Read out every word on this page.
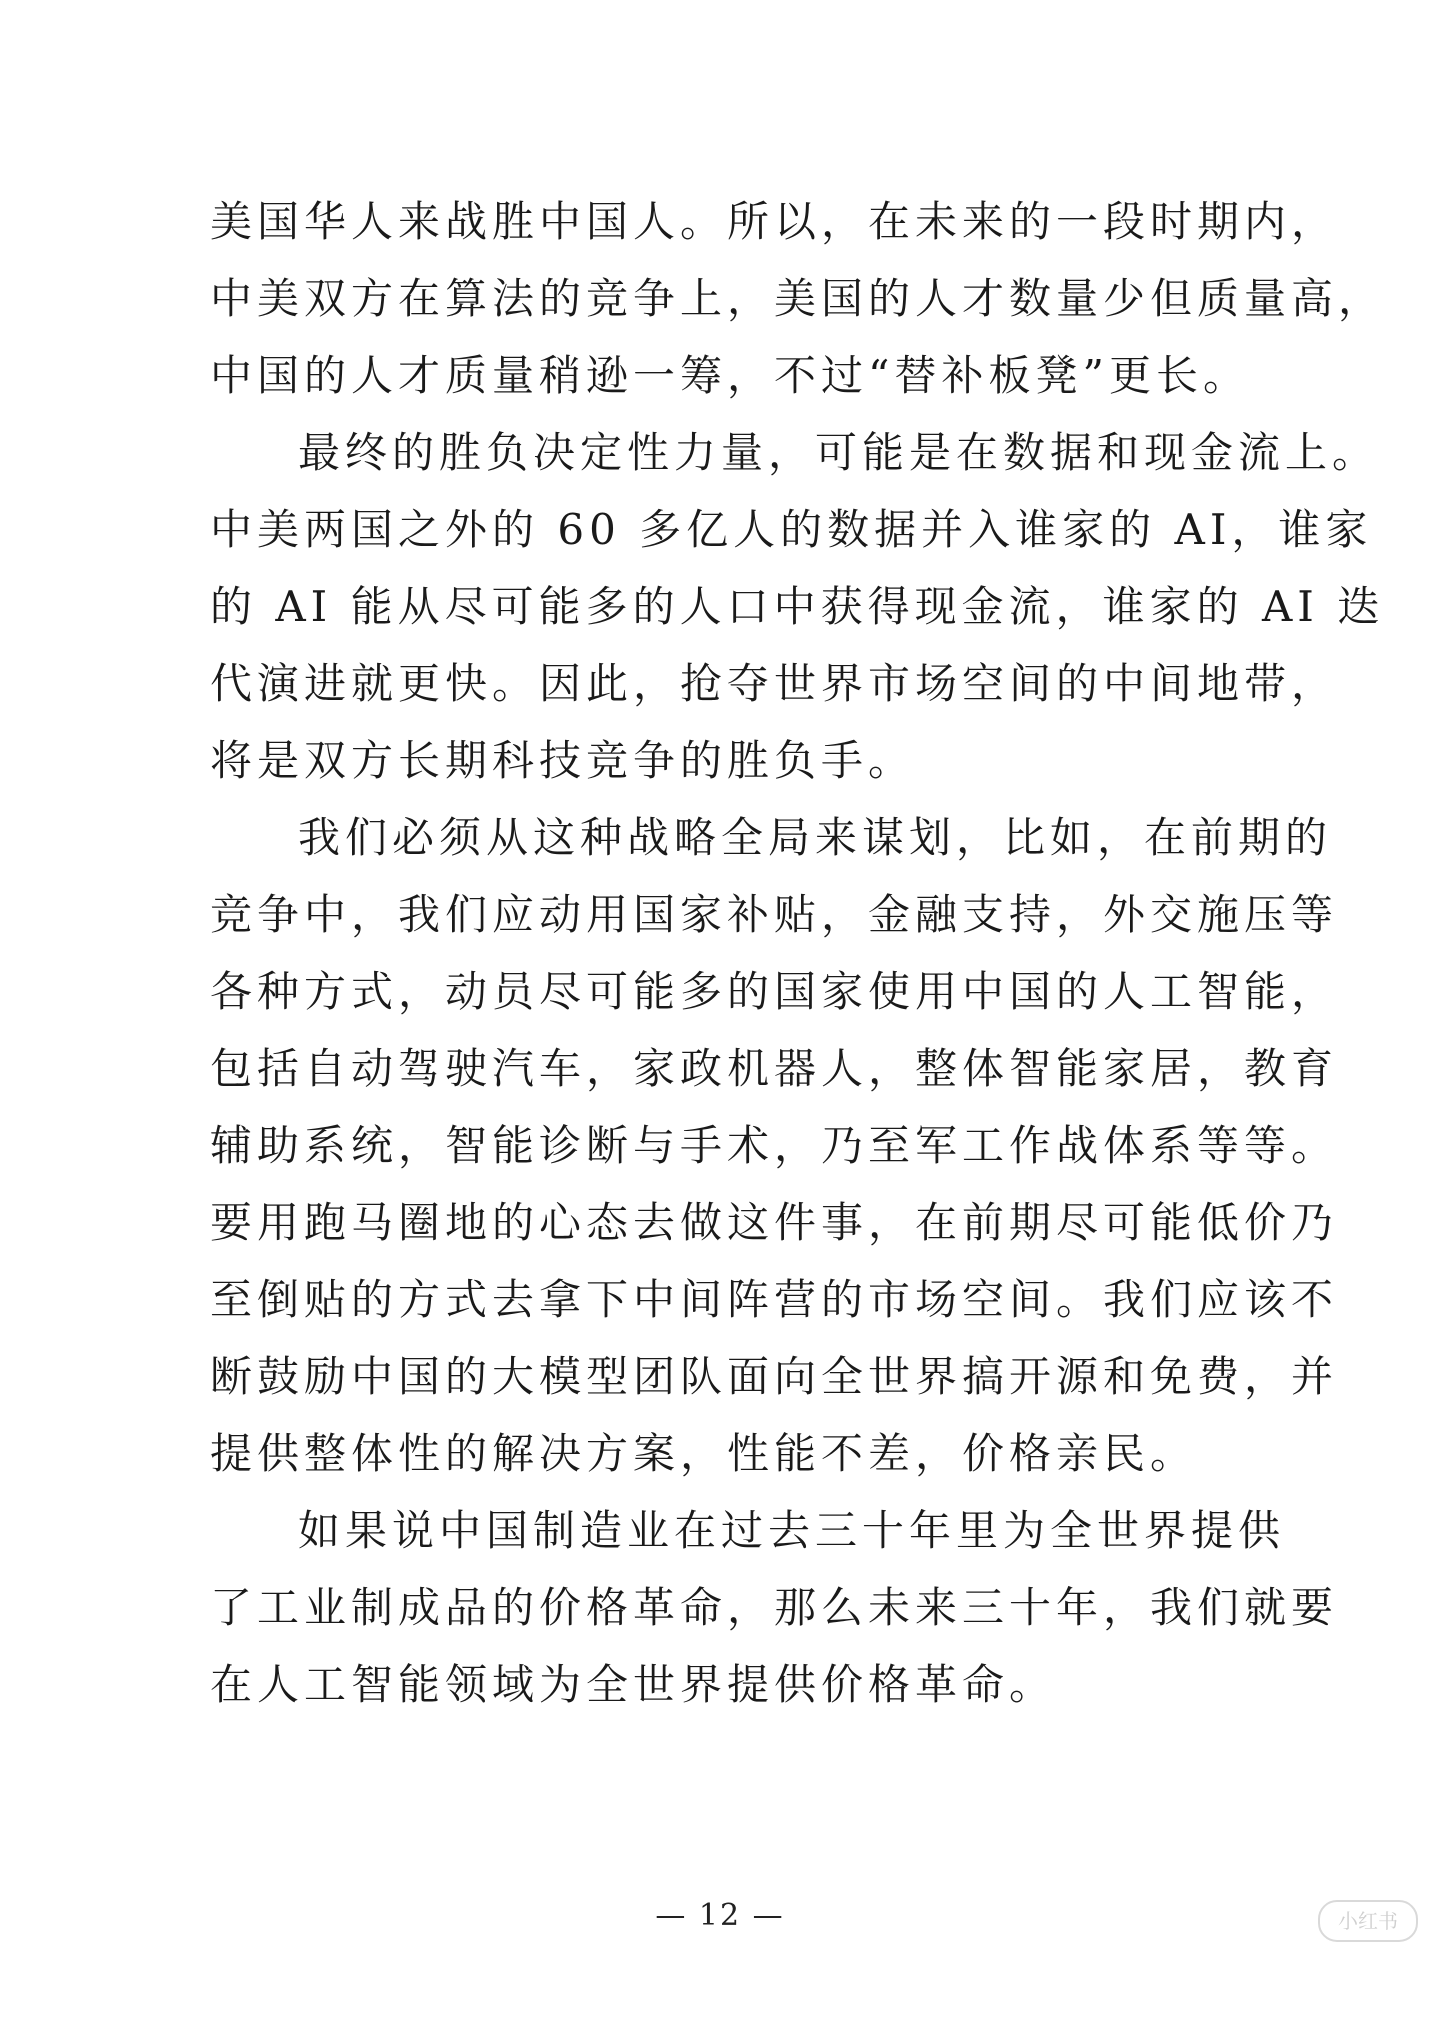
美国华人来战胜中国人。所以，在未来的一段时期内，
中美双方在算法的竞争上，美国的人才数量少但质量高，
中国的人才质量稍逊一筹，不过“替补板凳”更长。
最终的胜负决定性力量，可能是在数据和现金流上。
中美两国之外的 60 多亿人的数据并入谁家的 AI，谁家
的 AI 能从尽可能多的人口中获得现金流，谁家的 AI 迭
代演进就更快。因此，抢夺世界市场空间的中间地带，
将是双方长期科技竞争的胜负手。
我们必须从这种战略全局来谋划，比如，在前期的
竞争中，我们应动用国家补贴，金融支持，外交施压等
各种方式，动员尽可能多的国家使用中国的人工智能，
包括自动驾驶汽车，家政机器人，整体智能家居，教育
辅助系统，智能诊断与手术，乃至军工作战体系等等。
要用跑马圈地的心态去做这件事，在前期尽可能低价乃
至倒贴的方式去拿下中间阵营的市场空间。我们应该不
断鼓励中国的大模型团队面向全世界搞开源和免费，并
提供整体性的解决方案，性能不差，价格亲民。
如果说中国制造业在过去三十年里为全世界提供
了工业制成品的价格革命，那么未来三十年，我们就要
在人工智能领域为全世界提供价格革命。
— 12 —	小红书
